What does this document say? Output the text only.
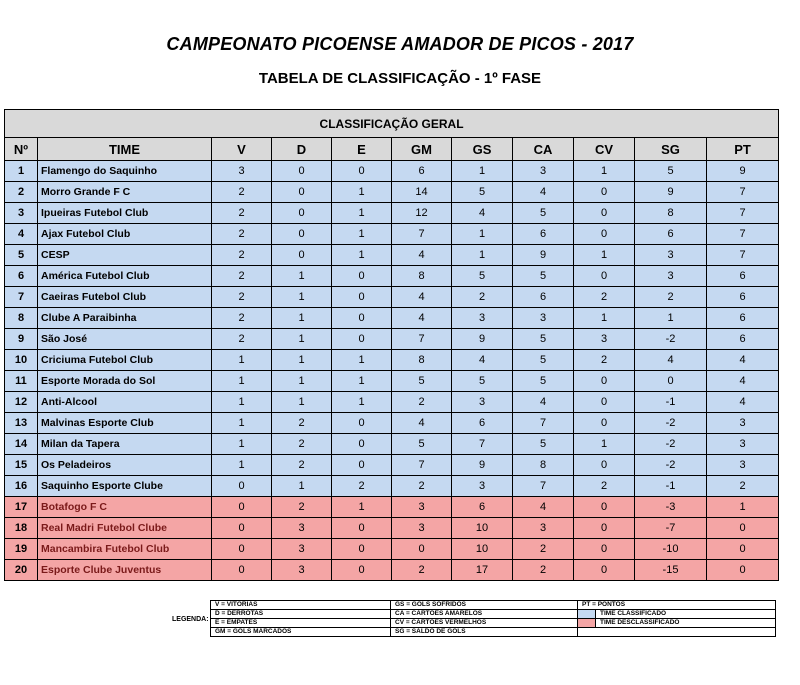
CAMPEONATO PICOENSE AMADOR DE PICOS - 2017
TABELA DE CLASSIFICAÇÃO - 1º FASE
CLASSIFICAÇÃO GERAL										
Nº	TIME	V	D	E	GM	GS	CA	CV	SG	PT
1	Flamengo do Saquinho	3	0	0	6	1	3	1	5	9
2	Morro Grande F C	2	0	1	14	5	4	0	9	7
3	Ipueiras Futebol Club	2	0	1	12	4	5	0	8	7
4	Ajax Futebol Club	2	0	1	7	1	6	0	6	7
5	CESP	2	0	1	4	1	9	1	3	7
6	América Futebol Club	2	1	0	8	5	5	0	3	6
7	Caeiras Futebol Club	2	1	0	4	2	6	2	2	6
8	Clube A Paraibinha	2	1	0	4	3	3	1	1	6
9	São José	2	1	0	7	9	5	3	-2	6
10	Criciuma Futebol Club	1	1	1	8	4	5	2	4	4
11	Esporte Morada do Sol	1	1	1	5	5	5	0	0	4
12	Anti-Alcool	1	1	1	2	3	4	0	-1	4
13	Malvinas Esporte Club	1	2	0	4	6	7	0	-2	3
14	Milan da Tapera	1	2	0	5	7	5	1	-2	3
15	Os Peladeiros	1	2	0	7	9	8	0	-2	3
16	Saquinho Esporte Clube	0	1	2	2	3	7	2	-1	2
17	Botafogo F C	0	2	1	3	6	4	0	-3	1
18	Real Madri Futebol Clube	0	3	0	3	10	3	0	-7	0
19	Mancambira Futebol Club	0	3	0	0	10	2	0	-10	0
20	Esporte Clube Juventus	0	3	0	2	17	2	0	-15	0
LEGENDA:
V = VITÓRIAS	GS = GOLS SOFRIDOS	PT = PONTOS	
D = DERROTAS	CA = CARTÕES AMARELOS		TIME CLASSIFICADO
E = EMPATES	CV = CARTÕES VERMELHOS		TIME DESCLASSIFICADO
GM = GOLS MARCADOS	SG = SALDO DE GOLS		
